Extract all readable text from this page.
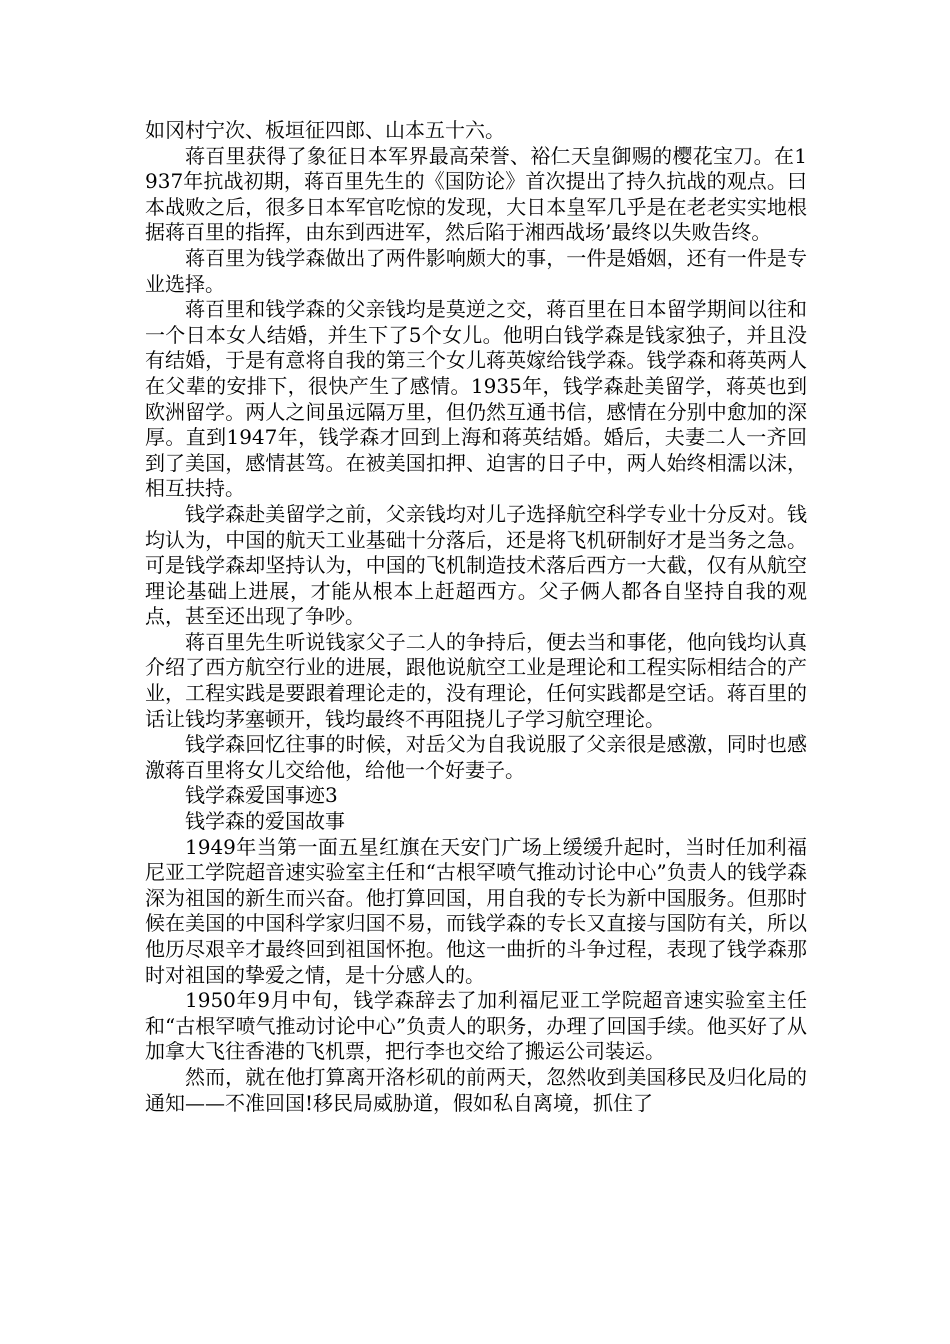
如冈村宁次、板垣征四郎、山本五十六。

蒋百里获得了象征日本军界最高荣誉、裕仁天皇御赐的樱花宝刀。在1937年抗战初期，蒋百里先生的《国防论》首次提出了持久抗战的观点。曰本战败之后，很多日本军官吃惊的发现，大日本皇军几乎是在老老实实地根据蒋百里的指挥，由东到西进军，然后陷于湘西战场’最终以失败告终。

蒋百里为钱学森做出了两件影响颇大的事，一件是婚姻，还有一件是专业选择。

蒋百里和钱学森的父亲钱均是莫逆之交，蒋百里在日本留学期间以往和一个日本女人结婚，并生下了5个女儿。他明白钱学森是钱家独子，并且没有结婚，于是有意将自我的第三个女儿蒋英嫁给钱学森。钱学森和蒋英两人在父辈的安排下，很快产生了感情。1935年，钱学森赴美留学，蒋英也到欧洲留学。两人之间虽远隔万里，但仍然互通书信，感情在分别中愈加的深厚。直到1947年，钱学森才回到上海和蒋英结婚。婚后，夫妻二人一齐回到了美国，感情甚笃。在被美国扣押、迫害的日子中，两人始终相濡以沫，相互扶持。

钱学森赴美留学之前，父亲钱均对儿子选择航空科学专业十分反对。钱均认为，中国的航天工业基础十分落后，还是将飞机研制好才是当务之急。可是钱学森却坚持认为，中国的飞机制造技术落后西方一大截，仅有从航空理论基础上进展，才能从根本上赶超西方。父子俩人都各自坚持自我的观点，甚至还出现了争吵。

蒋百里先生听说钱家父子二人的争持后，便去当和事佬，他向钱均认真介绍了西方航空行业的进展，跟他说航空工业是理论和工程实际相结合的产业，工程实践是要跟着理论走的，没有理论，任何实践都是空话。蒋百里的话让钱均茅塞顿开，钱均最终不再阻挠儿子学习航空理论。

钱学森回忆往事的时候，对岳父为自我说服了父亲很是感激，同时也感激蒋百里将女儿交给他，给他一个好妻子。

钱学森爱国事迹3

钱学森的爱国故事

1949年当第一面五星红旗在天安门广场上缓缓升起时，当时任加利福尼亚工学院超音速实验室主任和“古根罕喷气推动讨论中心”负责人的钱学森深为祖国的新生而兴奋。他打算回国，用自我的专长为新中国服务。但那时候在美国的中国科学家归国不易，而钱学森的专长又直接与国防有关，所以他历尽艰辛才最终回到祖国怀抱。他这一曲折的斗争过程，表现了钱学森那时对祖国的挚爱之情，是十分感人的。

1950年9月中旬，钱学森辞去了加利福尼亚工学院超音速实验室主任和“古根罕喷气推动讨论中心”负责人的职务，办理了回国手续。他买好了从加拿大飞往香港的飞机票，把行李也交给了搬运公司装运。

然而，就在他打算离开洛杉矶的前两天，忽然收到美国移民及归化局的通知——不准回国!移民局威胁道，假如私自离境，抓住了
